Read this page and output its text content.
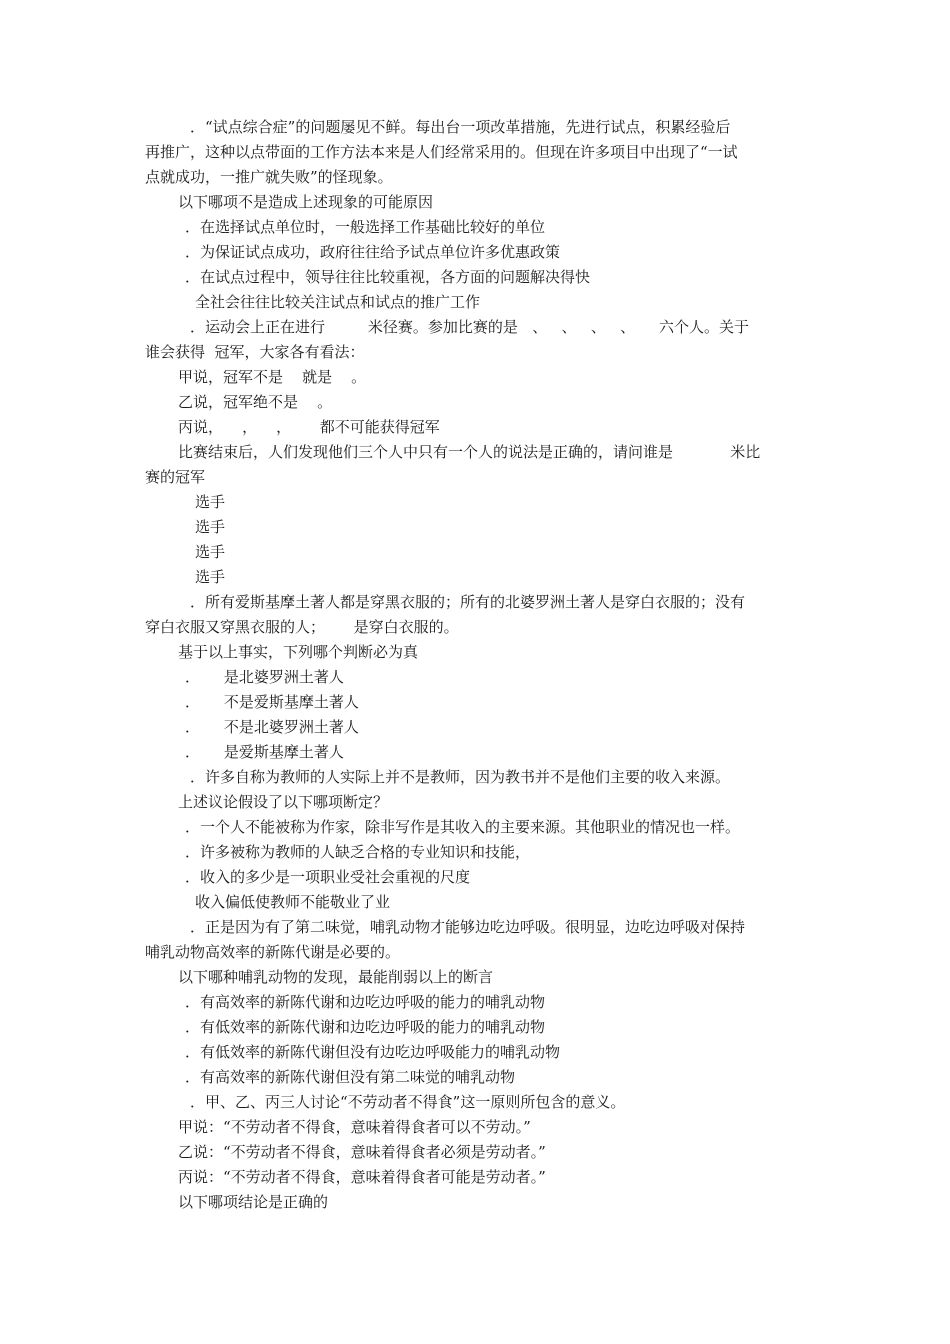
．“试点综合症”的问题屡见不鲜。每出台一项改革措施，先进行试点，积累经验后
再推广，这种以点带面的工作方法本来是人们经常采用的。但现在许多项目中出现了“一试
点就成功，一推广就失败”的怪现象。
以下哪项不是造成上述现象的可能原因
．在选择试点单位时，一般选择工作基础比较好的单位
．为保证试点成功，政府往往给予试点单位许多优惠政策
．在试点过程中，领导往往比较重视，各方面的问题解决得快
全社会往往比较关注试点和试点的推广工作
．运动会上正在进行         米径赛。参加比赛的是   、   、   、   、     六个人。关于
谁会获得  冠军，大家各有看法：
甲说，冠军不是    就是    。
乙说，冠军绝不是    。
丙说，    ，    ，      都不可能获得冠军
比赛结束后，人们发现他们三个人中只有一个人的说法是正确的，请问谁是            米比
赛的冠军
选手
选手
选手
选手
．所有爱斯基摩土著人都是穿黑衣服的；所有的北婆罗洲土著人是穿白衣服的；没有
穿白衣服又穿黑衣服的人；      是穿白衣服的。
基于以上事实，下列哪个判断必为真
．     是北婆罗洲土著人
．     不是爱斯基摩土著人
．     不是北婆罗洲土著人
．     是爱斯基摩土著人
．许多自称为教师的人实际上并不是教师，因为教书并不是他们主要的收入来源。
上述议论假设了以下哪项断定？
．一个人不能被称为作家，除非写作是其收入的主要来源。其他职业的情况也一样。
．许多被称为教师的人缺乏合格的专业知识和技能，
．收入的多少是一项职业受社会重视的尺度
收入偏低使教师不能敬业了业
．正是因为有了第二味觉，哺乳动物才能够边吃边呼吸。很明显，边吃边呼吸对保持
哺乳动物高效率的新陈代谢是必要的。
以下哪种哺乳动物的发现，最能削弱以上的断言
．有高效率的新陈代谢和边吃边呼吸的能力的哺乳动物
．有低效率的新陈代谢和边吃边呼吸的能力的哺乳动物
．有低效率的新陈代谢但没有边吃边呼吸能力的哺乳动物
．有高效率的新陈代谢但没有第二味觉的哺乳动物
．甲、乙、丙三人讨论“不劳动者不得食”这一原则所包含的意义。
甲说：“不劳动者不得食，意味着得食者可以不劳动。”
乙说：“不劳动者不得食，意味着得食者必须是劳动者。”
丙说：“不劳动者不得食，意味着得食者可能是劳动者。”
以下哪项结论是正确的
